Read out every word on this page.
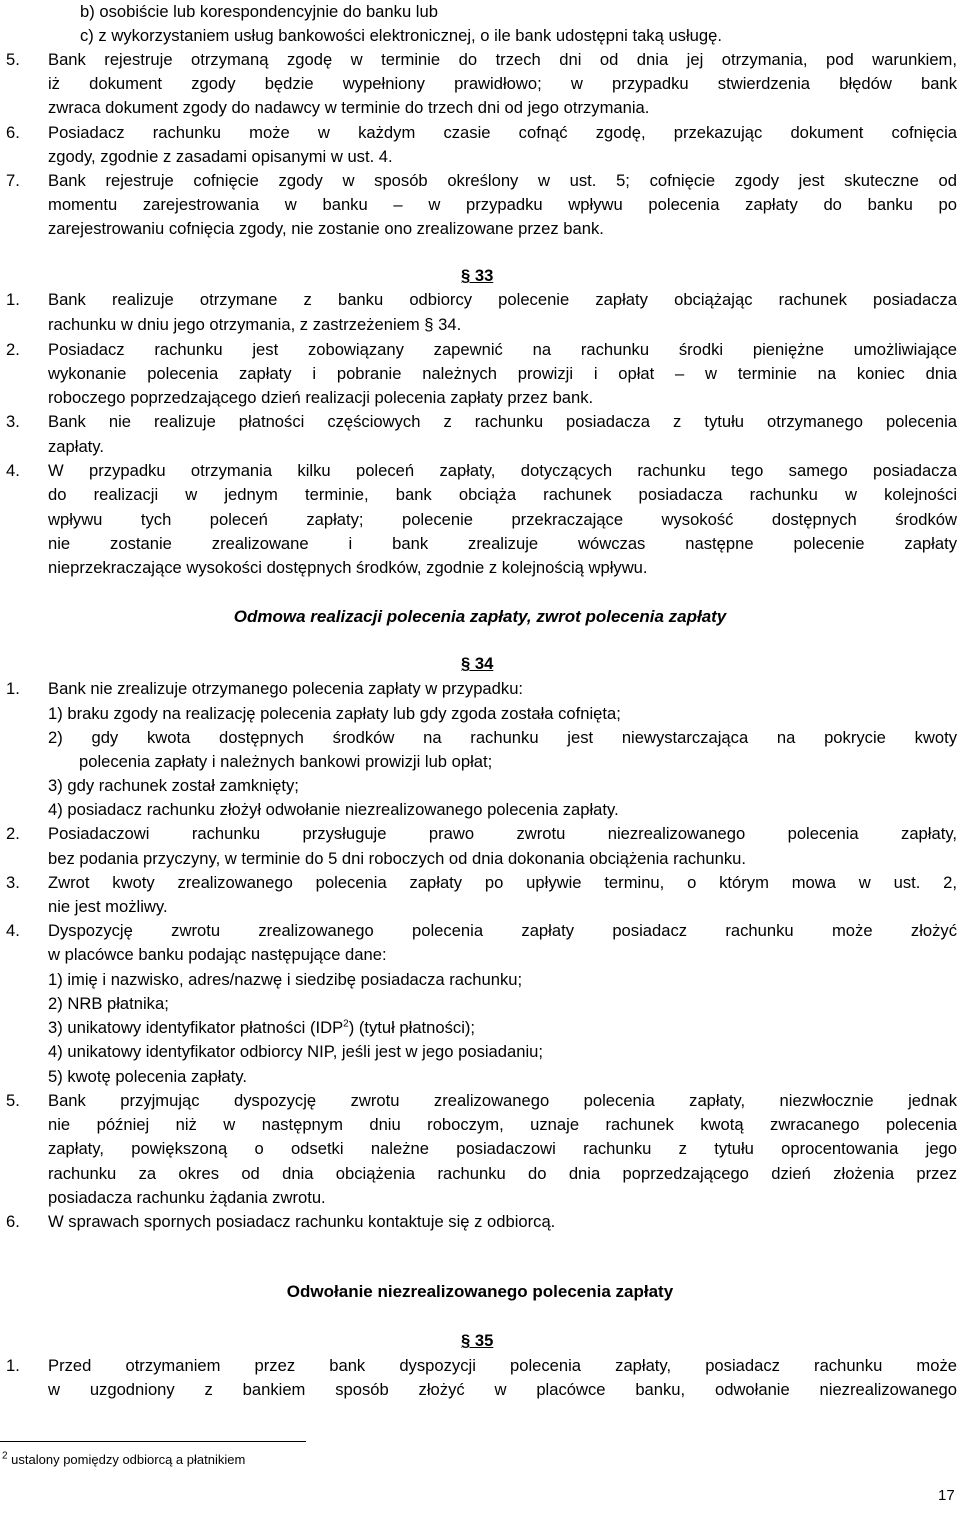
b) osobiście lub korespondencyjnie do banku lub
c) z wykorzystaniem usług bankowości elektronicznej, o ile bank udostępni taką usługę.
5. Bank rejestruje otrzymaną zgodę w terminie do trzech dni od dnia jej otrzymania, pod warunkiem,
iż dokument zgody będzie wypełniony prawidłowo; w przypadku stwierdzenia błędów bank
zwraca dokument zgody do nadawcy w terminie do trzech dni od jego otrzymania.
6. Posiadacz rachunku może w każdym czasie cofnąć zgodę, przekazując dokument cofnięcia
zgody, zgodnie z zasadami opisanymi w ust. 4.
7. Bank rejestruje cofnięcie zgody w sposób określony w ust. 5; cofnięcie zgody jest skuteczne od
momentu zarejestrowania w banku – w przypadku wpływu polecenia zapłaty do banku po
zarejestrowaniu cofnięcia zgody, nie zostanie ono zrealizowane przez bank.
1. Bank realizuje otrzymane z banku odbiorcy polecenie zapłaty obciążając rachunek posiadacza
rachunku w dniu jego otrzymania, z zastrzeżeniem § 34.
2. Posiadacz rachunku jest zobowiązany zapewnić na rachunku środki pieniężne umożliwiające
wykonanie polecenia zapłaty i pobranie należnych prowizji i opłat – w terminie na koniec dnia
roboczego poprzedzającego dzień realizacji polecenia zapłaty przez bank.
3. Bank nie realizuje płatności częściowych z rachunku posiadacza z tytułu otrzymanego polecenia
zapłaty.
4. W przypadku otrzymania kilku poleceń zapłaty, dotyczących rachunku tego samego posiadacza
do realizacji w jednym terminie, bank obciąża rachunek posiadacza rachunku w kolejności
wpływu tych poleceń zapłaty; polecenie przekraczające wysokość dostępnych środków
nie zostanie zrealizowane i bank zrealizuje wówczas następne polecenie zapłaty
nieprzekraczające wysokości dostępnych środków, zgodnie z kolejnością wpływu.
1. Bank nie zrealizuje otrzymanego polecenia zapłaty w przypadku:
1) braku zgody na realizację polecenia zapłaty lub gdy zgoda została cofnięta;
2) gdy kwota dostępnych środków na rachunku jest niewystarczająca na pokrycie kwoty
polecenia zapłaty i należnych bankowi prowizji lub opłat;
3) gdy rachunek został zamknięty;
4) posiadacz rachunku złożył odwołanie niezrealizowanego polecenia zapłaty.
2. Posiadaczowi rachunku przysługuje prawo zwrotu niezrealizowanego polecenia zapłaty,
bez podania przyczyny, w terminie do 5 dni roboczych od dnia dokonania obciążenia rachunku.
3. Zwrot kwoty zrealizowanego polecenia zapłaty po upływie terminu, o którym mowa w ust. 2,
nie jest możliwy.
4. Dyspozycję zwrotu zrealizowanego polecenia zapłaty posiadacz rachunku może złożyć
w placówce banku podając następujące dane:
1) imię i nazwisko, adres/nazwę i siedzibę posiadacza rachunku;
2) NRB płatnika;
3) unikatowy identyfikator płatności (IDP$^2$) (tytuł płatności);
4) unikatowy identyfikator odbiorcy NIP, jeśli jest w jego posiadaniu;
5) kwotę polecenia zapłaty.
5. Bank przyjmując dyspozycję zwrotu zrealizowanego polecenia zapłaty, niezwłocznie jednak
nie później niż w następnym dniu roboczym, uznaje rachunek kwotą zwracanego polecenia
zapłaty, powiększoną o odsetki należne posiadaczowi rachunku z tytułu oprocentowania jego
rachunku za okres od dnia obciążenia rachunku do dnia poprzedzającego dzień złożenia przez
posiadacza rachunku żądania zwrotu.
6. W sprawach spornych posiadacz rachunku kontaktuje się z odbiorcą.
1. Przed otrzymaniem przez bank dyspozycji polecenia zapłaty, posiadacz rachunku może
w uzgodniony z bankiem sposób złożyć w placówce banku, odwołanie niezrealizowanego
§ 33
§ 34
§ 35
Odmowa realizacji polecenia zapłaty, zwrot polecenia zapłaty
Odwołanie niezrealizowanego polecenia zapłaty
$^2$ ustalony pomiędzy odbiorcą a płatnikiem
17
